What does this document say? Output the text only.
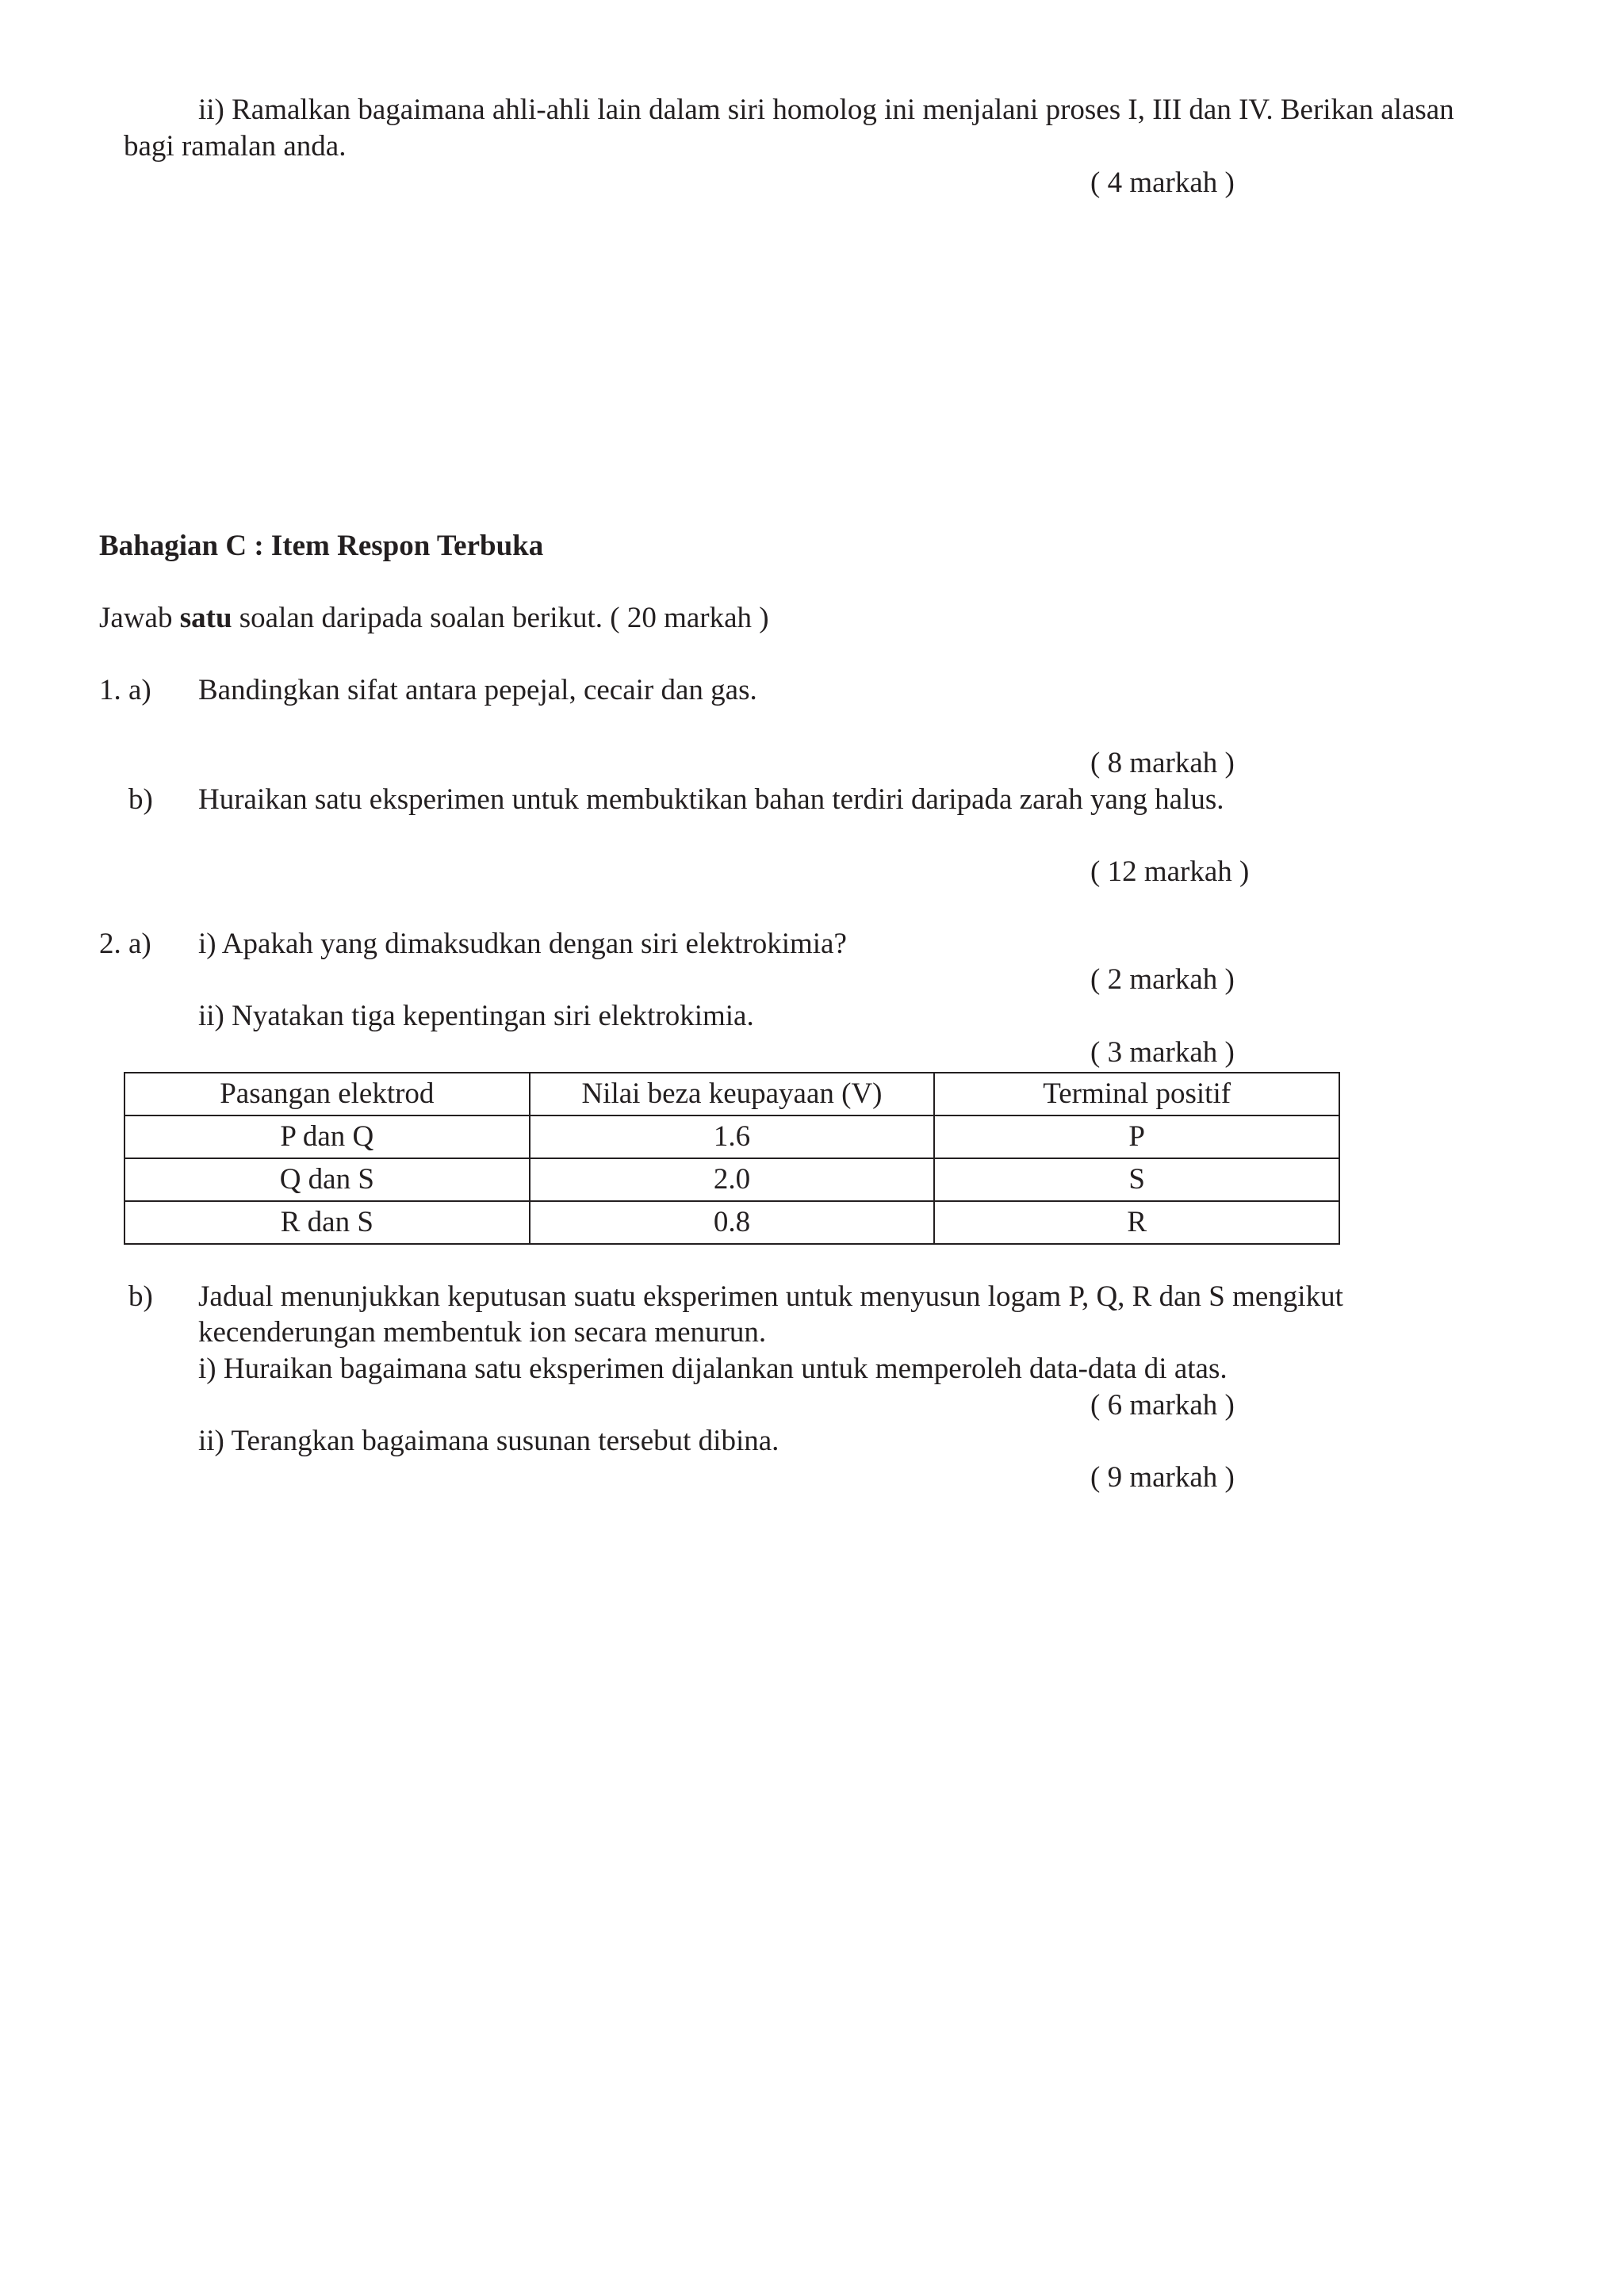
ii) Ramalkan bagaimana ahli-ahli lain dalam siri homolog ini menjalani proses I, III dan IV. Berikan alasan
bagi ramalan anda.
( 4 markah )
Bahagian C : Item Respon Terbuka
Jawab satu soalan daripada soalan berikut. ( 20 markah )
1. a) Bandingkan sifat antara pepejal, cecair dan gas.
( 8 markah )
b) Huraikan satu eksperimen untuk membuktikan bahan terdiri daripada zarah yang halus.
( 12 markah )
2. a) i) Apakah yang dimaksudkan dengan siri elektrokimia?
( 2 markah )
ii) Nyatakan tiga kepentingan siri elektrokimia.
( 3 markah )
Pasangan elektrod	Nilai beza keupayaan (V)	Terminal positif
P dan Q	1.6	P
Q dan S	2.0	S
R dan S	0.8	R
b) Jadual menunjukkan keputusan suatu eksperimen untuk menyusun logam P, Q, R dan S mengikut
kecenderungan membentuk ion secara menurun.
i) Huraikan bagaimana satu eksperimen dijalankan untuk memperoleh data-data di atas.
( 6 markah )
ii) Terangkan bagaimana susunan tersebut dibina.
( 9 markah )
